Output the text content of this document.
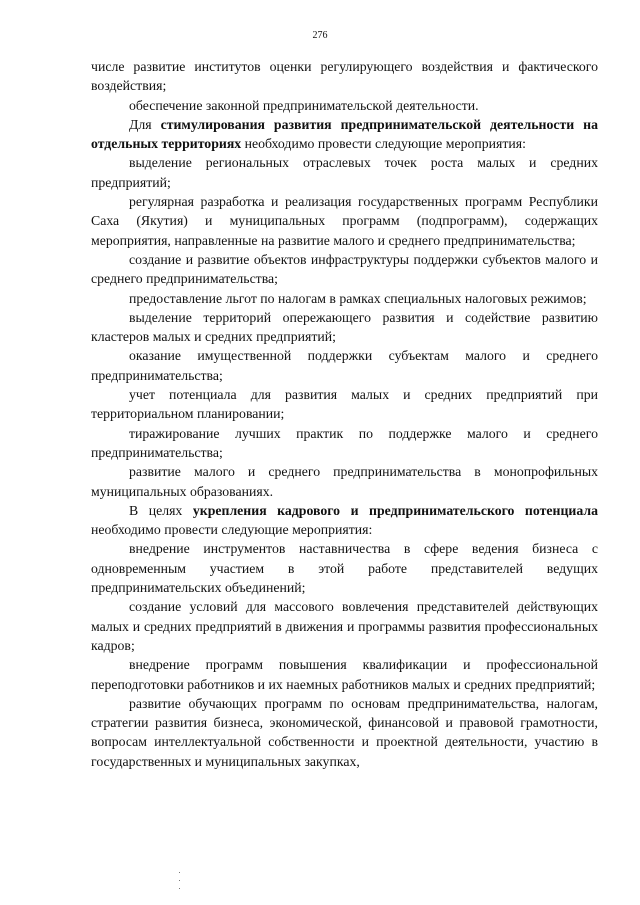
276

числе развитие институтов оценки регулирующего воздействия и фактического воздействия;

обеспечение законной предпринимательской деятельности.

Для стимулирования развития предпринимательской деятельности на отдельных территориях необходимо провести следующие мероприятия:

выделение региональных отраслевых точек роста малых и средних предприятий;

регулярная разработка и реализация государственных программ Республики Саха (Якутия) и муниципальных программ (подпрограмм), содержащих мероприятия, направленные на развитие малого и среднего предпринимательства;

создание и развитие объектов инфраструктуры поддержки субъектов малого и среднего предпринимательства;

предоставление льгот по налогам в рамках специальных налоговых режимов;

выделение территорий опережающего развития и содействие развитию кластеров малых и средних предприятий;

оказание имущественной поддержки субъектам малого и среднего предпринимательства;

учет потенциала для развития малых и средних предприятий при территориальном планировании;

тиражирование лучших практик по поддержке малого и среднего предпринимательства;

развитие малого и среднего предпринимательства в монопрофильных муниципальных образованиях.

В целях укрепления кадрового и предпринимательского потенциала необходимо провести следующие мероприятия:

внедрение инструментов наставничества в сфере ведения бизнеса с одновременным участием в этой работе представителей ведущих предпринимательских объединений;

создание условий для массового вовлечения представителей действующих малых и средних предприятий в движения и программы развития профессиональных кадров;

внедрение программ повышения квалификации и профессиональной переподготовки работников и их наемных работников малых и средних предприятий;

развитие обучающих программ по основам предпринимательства, налогам, стратегии развития бизнеса, экономической, финансовой и правовой грамотности, вопросам интеллектуальной собственности и проектной деятельности, участию в государственных и муниципальных закупках,
